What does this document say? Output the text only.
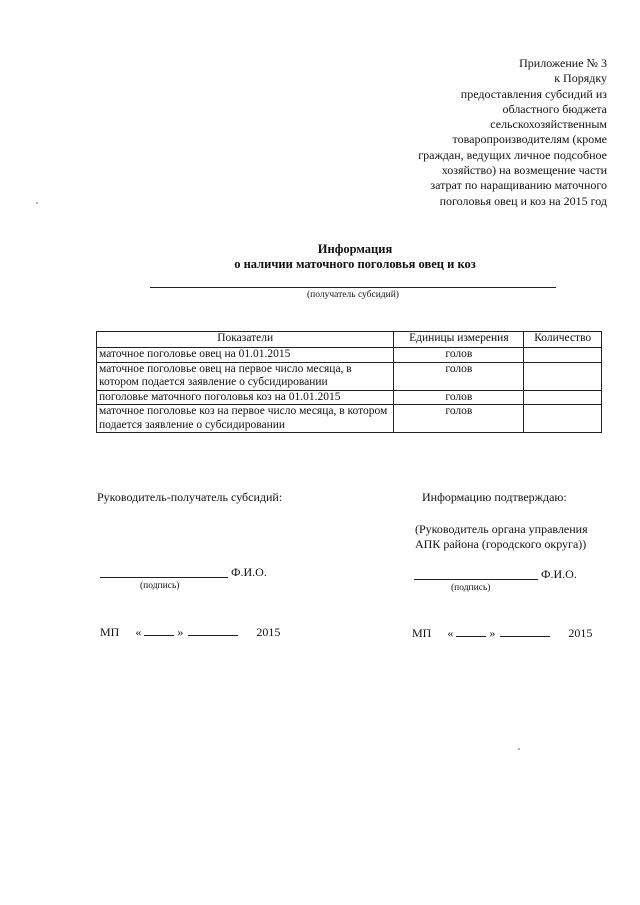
Приложение № 3
к Порядку
предоставления субсидий из
областного бюджета
сельскохозяйственным
товаропроизводителям (кроме
граждан, ведущих личное подсобное
хозяйство) на возмещение части
затрат по наращиванию маточного
поголовья овец и коз на 2015 год
Информация
о наличии маточного поголовья овец и коз
(получатель субсидий)
Показатели	Единицы измерения	Количество
маточное поголовье овец на 01.01.2015	голов	
маточное поголовье овец на первое число месяца, в котором подается заявление о субсидировании	голов	
поголовье маточного поголовья коз на 01.01.2015	голов	
маточное поголовье коз на первое число месяца, в котором подается заявление о субсидировании	голов	
Руководитель-получатель субсидий:
Ф.И.О.
(подпись)
МП «	»	2015
Информацию подтверждаю:
(Руководитель органа управления
АПК района (городского округа))
Ф.И.О.
(подпись)
МП «	»	2015
